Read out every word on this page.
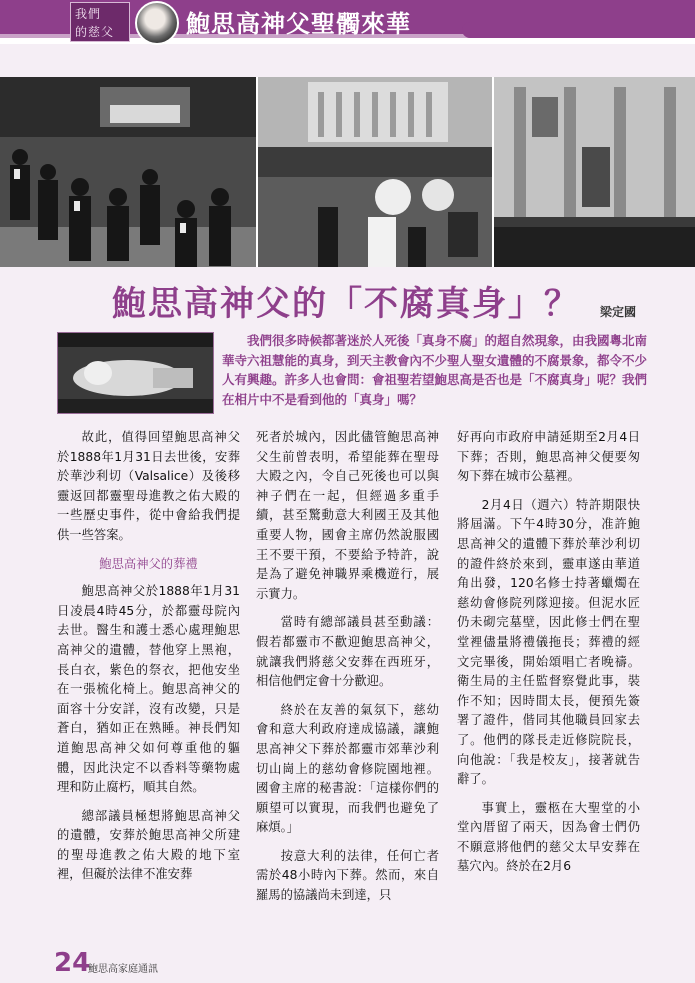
我們
的慈父	鮑思高神父聖髑來華
鮑思高神父的「不腐真身」？ 梁定國
我們很多時候都著迷於人死後「真身不腐」的超自然現象，由我國粵北南華寺六祖慧能的真身，到天主教會內不少聖人聖女遺體的不腐景象，都令不少人有興趣。許多人也會問：會祖聖若望鮑思高是否也是「不腐真身」呢？我們在相片中不是看到他的「真身」嗎？

故此，值得回望鮑思高神父於1888年1月31日去世後，安葬於華沙利切（Valsalice）及後移靈返回都靈聖母進教之佑大殿的一些歷史事件，從中會給我們提供一些答案。

鮑思高神父的葬禮

鮑思高神父於1888年1月31日凌晨4時45分，於都靈母院內去世。醫生和護士悉心處理鮑思高神父的遺體，替他穿上黑袍，長白衣，紫色的祭衣，把他安坐在一張梳化椅上。鮑思高神父的面容十分安詳，沒有改變，只是蒼白，猶如正在熟睡。神長們知道鮑思高神父如何尊重他的軀體，因此決定不以香料等藥物處理和防止腐朽，順其自然。

總部議員極想將鮑思高神父的遺體，安葬於鮑思高神父所建的聖母進教之佑大殿的地下室裡，但礙於法律不准安葬

死者於城內，因此儘管鮑思高神父生前曾表明，希望能葬在聖母大殿之內，令自己死後也可以與神子們在一起，但經過多重手續，甚至驚動意大利國王及其他重要人物，國會主席仍然說服國王不要干預，不要給予特許，說是為了避免神職界乘機遊行，展示實力。

當時有總部議員甚至動議：假若都靈市不歡迎鮑思高神父，就讓我們將慈父安葬在西班牙，相信他們定會十分歡迎。

終於在友善的氣氛下，慈幼會和意大利政府達成協議，讓鮑思高神父下葬於都靈市郊華沙利切山崗上的慈幼會修院園地裡。國會主席的秘書說：「這樣你們的願望可以實現，而我們也避免了麻煩。」

按意大利的法律，任何亡者需於48小時內下葬。然而，來自羅馬的協議尚未到達，只

好再向市政府申請延期至2月4日下葬；否則，鮑思高神父便要匆匆下葬在城市公墓裡。

2月4日（週六）特許期限快將屆滿。下午4時30分，准許鮑思高神父的遺體下葬於華沙利切的證件終於來到，靈車遂由華道角出發，120名修士持著蠟燭在慈幼會修院列隊迎接。但泥水匠仍未砌完墓壁，因此修士們在聖堂裡儘量將禮儀拖長；葬禮的經文完畢後，開始頌唱亡者晚禱。衛生局的主任監督察覺此事，裝作不知；因時間太長，便預先簽署了證件，偕同其他職員回家去了。他們的隊長走近修院院長，向他說：「我是校友」，接著就告辭了。

事實上，靈柩在大聖堂的小堂內厝留了兩天，因為會士們仍不願意將他們的慈父太早安葬在墓穴內。終於在2月6

24
鮑思高家庭通訊
